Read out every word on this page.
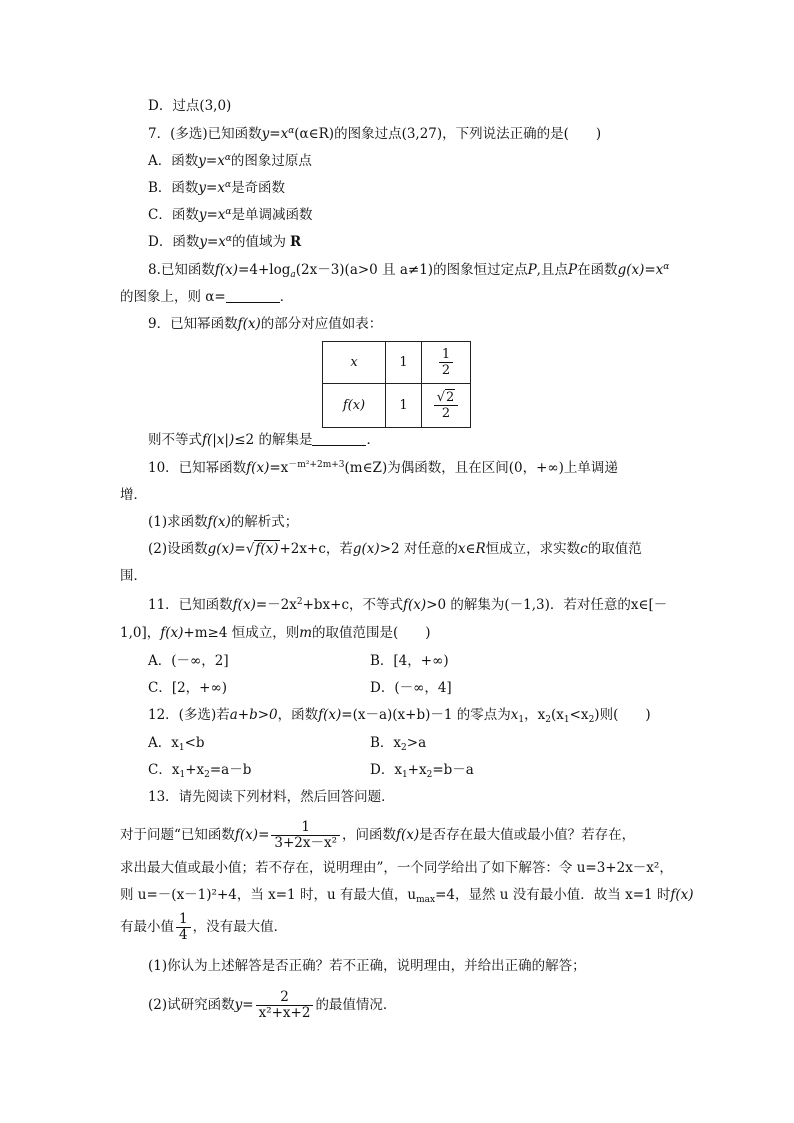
D．过点(3,0)
7．(多选)已知函数$y=x^\alpha(\alpha\in R)$的图象过点(3,27)，下列说法正确的是(　　)
A．函数$y=x^\alpha$的图象过原点
B．函数$y=x^\alpha$是奇函数
C．函数$y=x^\alpha$是单调减函数
D．函数$y=x^\alpha$的值域为 R
8.已知函数$f(x)=4+\log_a(2x-3)(a>0$ 且 a≠1)的图象恒过定点P,且点P在函数$g(x)=x^\alpha$
的图象上，则 α=	．
9．已知幂函数f(x)的部分对应值如表：
x	1	$\frac{1}{2}$

f(x)	1	$\frac{√2}{2}$
则不等式f(|x|)≤2 的解集是	．
10．已知幂函数$f(x)=x^{-m^2+2m+3}(m\in Z)$为偶函数，且在区间(0，+∞)上单调递
增．
(1)求函数f(x)的解析式；
(2)设函数g(x)=√f(x)+2x+c，若g(x)>2 对任意的x∈R恒成立，求实数c的取值范
围．
11．已知函数$f(x)=-2x^2+bx+c$，不等式f(x)>0 的解集为(－1,3)．若对任意的x∈[－
1,0]，f(x)+m≥4 恒成立，则m的取值范围是(　　)
A．(－∞，2]	B．[4，+∞)
C．[2，+∞)	D．(－∞，4]
12．(多选)若a+b>0，函数f(x)=(x－a)(x+b)－1 的零点为$x_1$，$x_2(x_1<x_2)$则(　　)
A．$x_1<b$	B．$x_2>a$
C．$x_1+x_2=a-b$	D．$x_1+x_2=b-a$
13．请先阅读下列材料，然后回答问题．
对于问题“已知函数$f(x)= \frac{1}{\text{3+2x－x²}}$ ，问函数f(x)是否存在最大值或最小值？若存在，
求出最大值或最小值；若不存在，说明理由”，一个同学给出了如下解答：令 u=3+2x－x²，
则 u=－(x－1)²+4，当 x=1 时，u 有最大值，$u_{max}=4$，显然 u 没有最小值．故当 x=1 时f(x)
有最小值 $\frac{1}{4}$ ，没有最大值．
(1)你认为上述解答是否正确？若不正确，说明理由，并给出正确的解答；
(2)试研究函数$y= \frac{2}{\text{x²+x+2}}$ 的最值情况．
